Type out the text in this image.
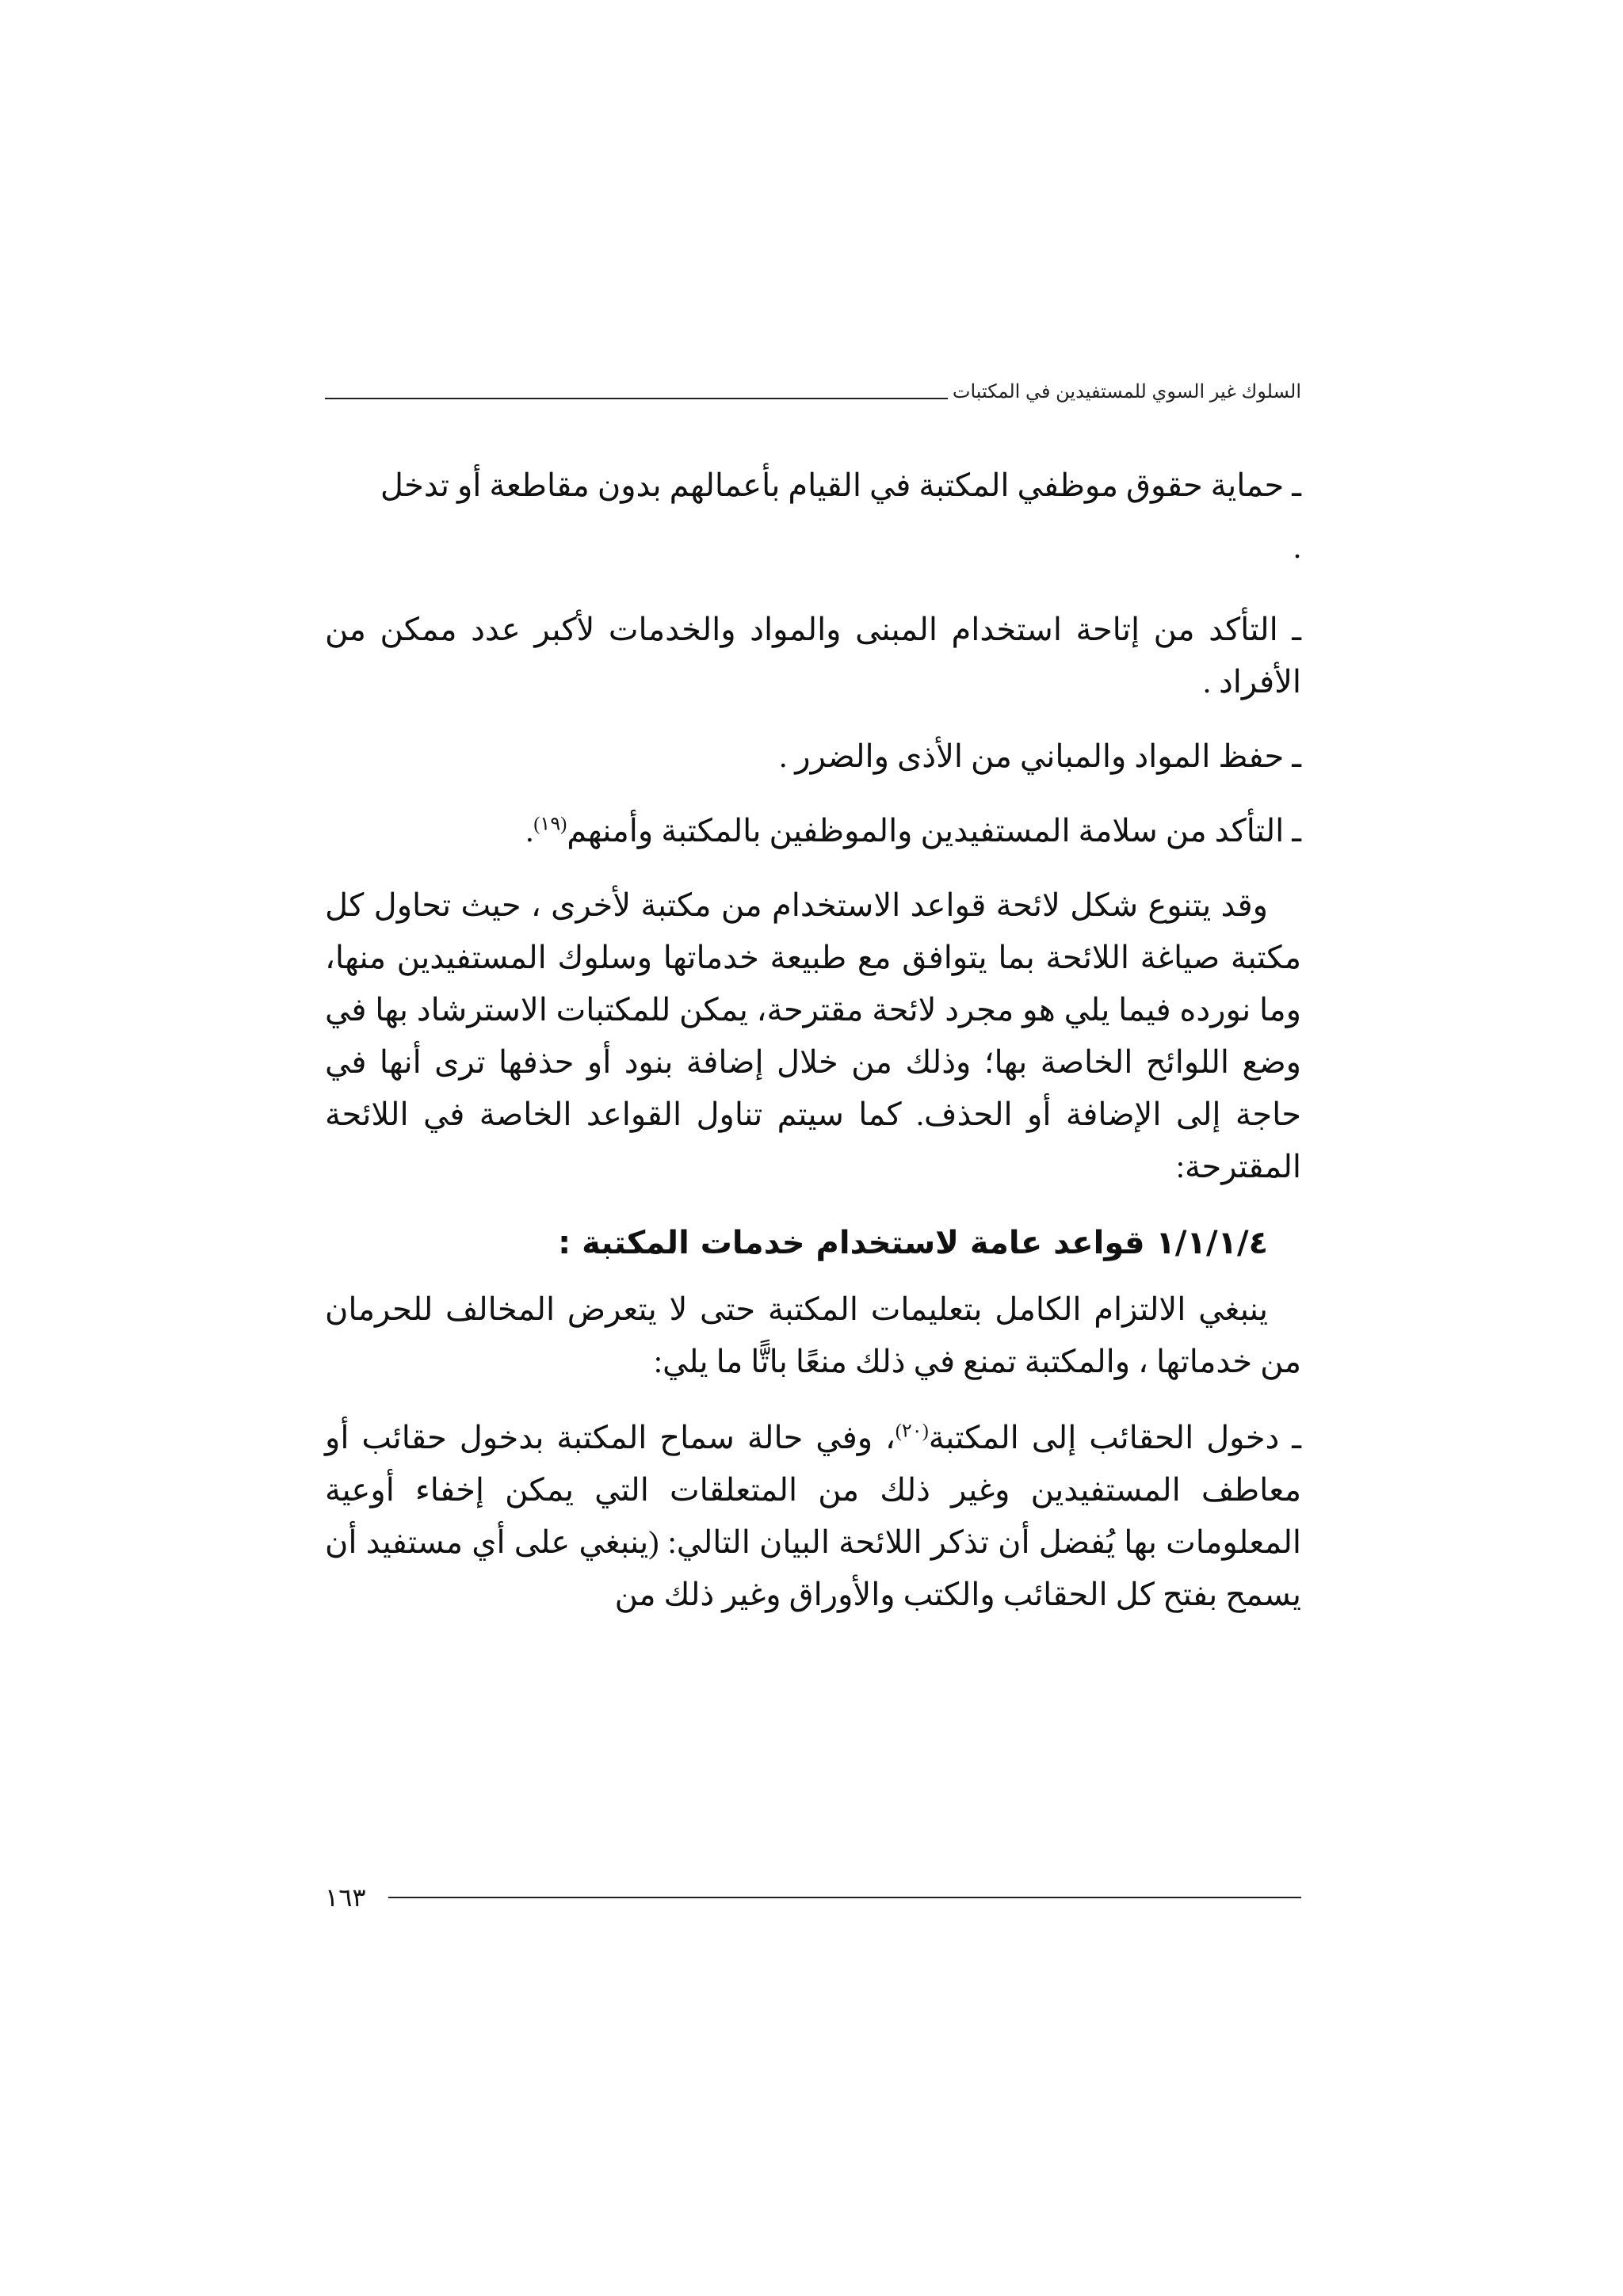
السلوك غير السوي للمستفيدين في المكتبات

ـ حماية حقوق موظفي المكتبة في القيام بأعمالهم بدون مقاطعة أو تدخل
.

ـ التأكد من إتاحة استخدام المبنى والمواد والخدمات لأكبر عدد ممكن من الأفراد .

ـ حفظ المواد والمباني من الأذى والضرر .

ـ التأكد من سلامة المستفيدين والموظفين بالمكتبة وأمنهم$^{(١٩)}$.

وقد يتنوع شكل لائحة قواعد الاستخدام من مكتبة لأخرى ، حيث تحاول كل مكتبة صياغة اللائحة بما يتوافق مع طبيعة خدماتها وسلوك المستفيدين منها، وما نورده فيما يلي هو مجرد لائحة مقترحة، يمكن للمكتبات الاسترشاد بها في وضع اللوائح الخاصة بها؛ وذلك من خلال إضافة بنود أو حذفها ترى أنها في حاجة إلى الإضافة أو الحذف. كما سيتم تناول القواعد الخاصة في اللائحة المقترحة:

١/١/١/٤ قواعد عامة لاستخدام خدمات المكتبة :

ينبغي الالتزام الكامل بتعليمات المكتبة حتى لا يتعرض المخالف للحرمان من خدماتها ، والمكتبة تمنع في ذلك منعًا باتًّا ما يلي:

ـ دخول الحقائب إلى المكتبة$^{(٢٠)}$، وفي حالة سماح المكتبة بدخول حقائب أو معاطف المستفيدين وغير ذلك من المتعلقات التي يمكن إخفاء أوعية المعلومات بها يُفضل أن تذكر اللائحة البيان التالي: (ينبغي على أي مستفيد أن يسمح بفتح كل الحقائب والكتب والأوراق وغير ذلك من

١٦٣
